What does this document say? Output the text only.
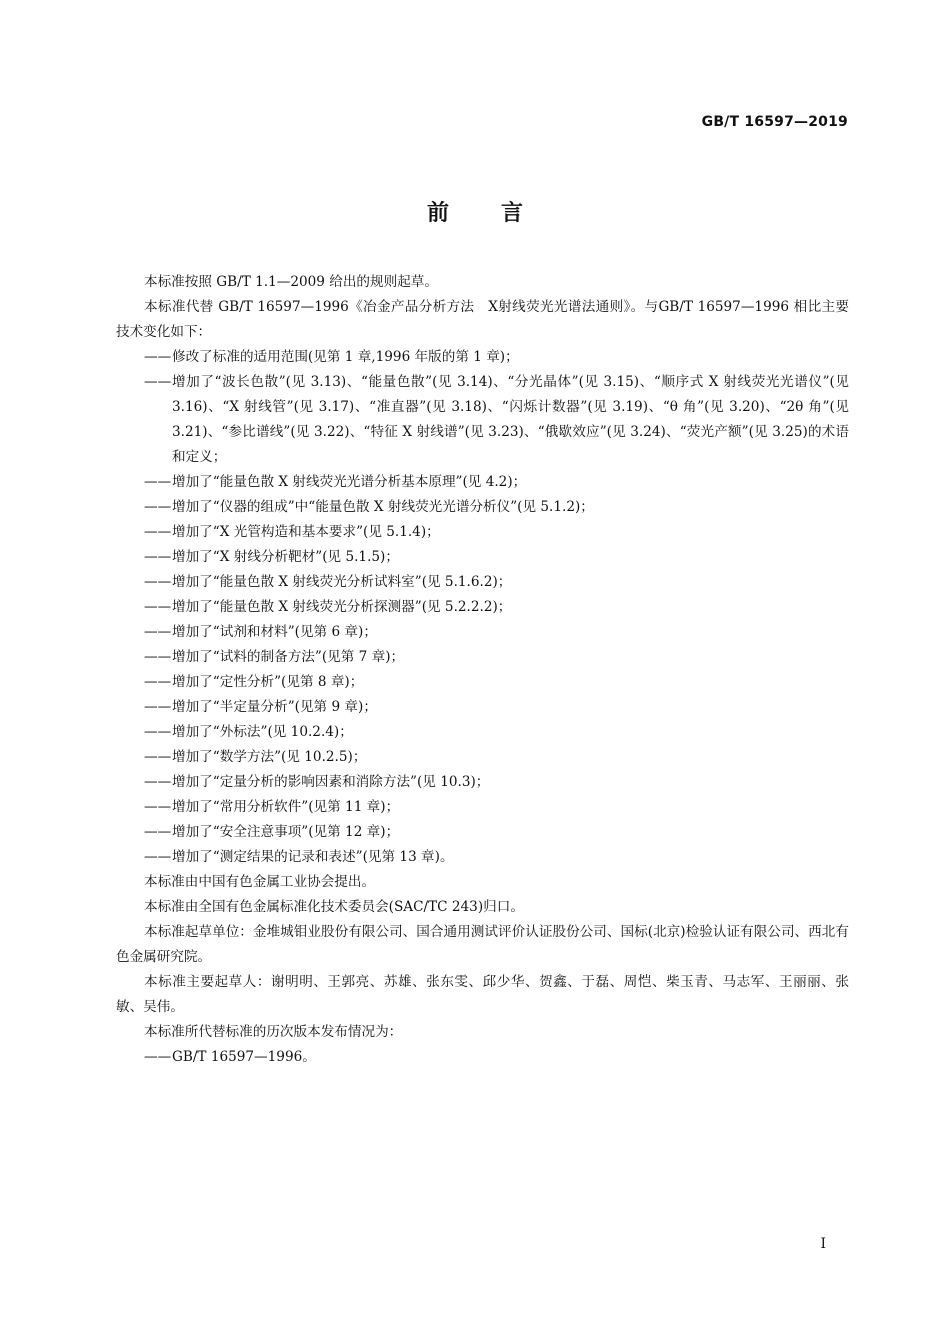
GB/T 16597—2019
前言

本标准按照 GB/T 1.1—2009 给出的规则起草。

本标准代替 GB/T 16597—1996《冶金产品分析方法　X射线荧光光谱法通则》。与GB/T 16597—1996 相比主要技术变化如下：

—— 修改了标准的适用范围(见第 1 章,1996 年版的第 1 章)；

—— 增加了“波长色散”(见 3.13)、“能量色散”(见 3.14)、“分光晶体”(见 3.15)、“顺序式 X 射线荧光光谱仪”(见 3.16)、“X 射线管”(见 3.17)、“准直器”(见 3.18)、“闪烁计数器”(见 3.19)、“θ 角”(见 3.20)、“2θ 角”(见 3.21)、“参比谱线”(见 3.22)、“特征 X 射线谱”(见 3.23)、“俄歇效应”(见 3.24)、“荧光产额”(见 3.25)的术语和定义；

—— 增加了“能量色散 X 射线荧光光谱分析基本原理”(见 4.2)；

—— 增加了“仪器的组成”中“能量色散 X 射线荧光光谱分析仪”(见 5.1.2)；

—— 增加了“X 光管构造和基本要求”(见 5.1.4)；

—— 增加了“X 射线分析靶材”(见 5.1.5)；

—— 增加了“能量色散 X 射线荧光分析试料室”(见 5.1.6.2)；

—— 增加了“能量色散 X 射线荧光分析探测器”(见 5.2.2.2)；

—— 增加了“试剂和材料”(见第 6 章)；

—— 增加了“试料的制备方法”(见第 7 章)；

—— 增加了“定性分析”(见第 8 章)；

—— 增加了“半定量分析”(见第 9 章)；

—— 增加了“外标法”(见 10.2.4)；

—— 增加了“数学方法”(见 10.2.5)；

—— 增加了“定量分析的影响因素和消除方法”(见 10.3)；

—— 增加了“常用分析软件”(见第 11 章)；

—— 增加了“安全注意事项”(见第 12 章)；

—— 增加了“测定结果的记录和表述”(见第 13 章)。

本标准由中国有色金属工业协会提出。

本标准由全国有色金属标准化技术委员会(SAC/TC 243)归口。

本标准起草单位：金堆城钼业股份有限公司、国合通用测试评价认证股份公司、国标(北京)检验认证有限公司、西北有色金属研究院。

本标准主要起草人：谢明明、王郭亮、苏雄、张东雯、邱少华、贺鑫、于磊、周恺、柴玉青、马志军、王丽丽、张敏、吴伟。

本标准所代替标准的历次版本发布情况为：

—— GB/T 16597—1996。

I
